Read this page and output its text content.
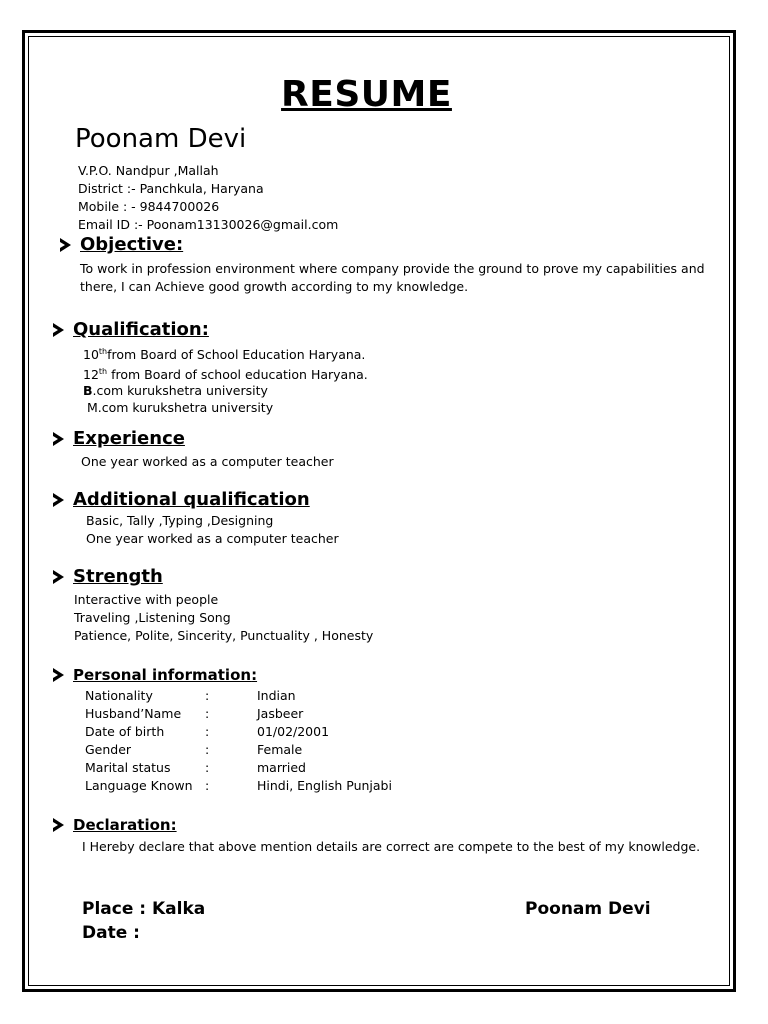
RESUME
Poonam Devi
V.P.O. Nandpur ,Mallah
District :- Panchkula, Haryana
Mobile : - 9844700026
Email ID :- Poonam13130026@gmail.com
Objective:
To work in profession environment where company provide the ground to prove my capabilities and there, I can Achieve good growth according to my knowledge.
Qualification:
10thfrom Board of School Education Haryana.
12th from Board of school education Haryana.
B.com kurukshetra university
M.com kurukshetra university
Experience
One year worked as a computer teacher
Additional qualification
Basic, Tally ,Typing ,Designing
One year worked as a computer teacher
Strength
Interactive with people
Traveling ,Listening Song
Patience, Polite, Sincerity, Punctuality , Honesty
Personal information :
Nationality	:	Indian
Husband’Name	:	Jasbeer
Date of birth	:	01/02/2001
Gender	:	Female
Marital status	:	married
Language Known :	Hindi, English Punjabi
Declaration:
I Hereby declare that above mention details are correct are compete to the best of my knowledge.
Place : Kalka
Date :
Poonam Devi
